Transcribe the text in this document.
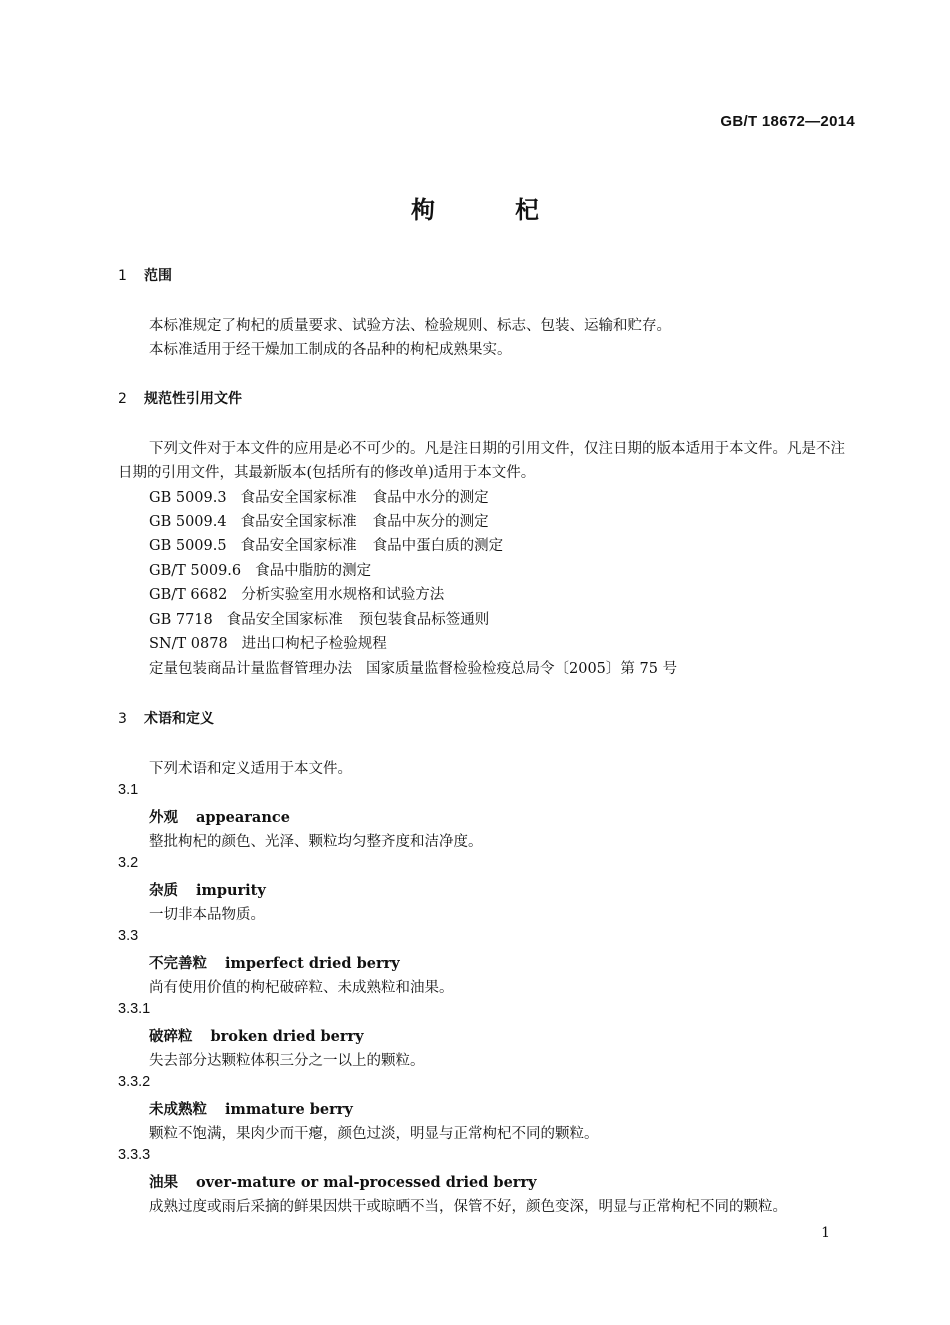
GB/T 18672—2014
枸	杞
1 范围
本标准规定了枸杞的质量要求、试验方法、检验规则、标志、包装、运输和贮存。
本标准适用于经干燥加工制成的各品种的枸杞成熟果实。
2 规范性引用文件
下列文件对于本文件的应用是必不可少的。凡是注日期的引用文件，仅注日期的版本适用于本文件。凡是不注日期的引用文件，其最新版本(包括所有的修改单)适用于本文件。
GB 5009.3 食品安全国家标准 食品中水分的测定
GB 5009.4 食品安全国家标准 食品中灰分的测定
GB 5009.5 食品安全国家标准 食品中蛋白质的测定
GB/T 5009.6 食品中脂肪的测定
GB/T 6682 分析实验室用水规格和试验方法
GB 7718 食品安全国家标准 预包装食品标签通则
SN/T 0878 进出口枸杞子检验规程
定量包装商品计量监督管理办法 国家质量监督检验检疫总局令〔2005〕第 75 号
3 术语和定义
下列术语和定义适用于本文件。
3.1
外观 appearance
整批枸杞的颜色、光泽、颗粒均匀整齐度和洁净度。
3.2
杂质 impurity
一切非本品物质。
3.3
不完善粒 imperfect dried berry
尚有使用价值的枸杞破碎粒、未成熟粒和油果。
3.3.1
破碎粒 broken dried berry
失去部分达颗粒体积三分之一以上的颗粒。
3.3.2
未成熟粒 immature berry
颗粒不饱满，果肉少而干瘪，颜色过淡，明显与正常枸杞不同的颗粒。
3.3.3
油果 over-mature or mal-processed dried berry
成熟过度或雨后采摘的鲜果因烘干或晾晒不当，保管不好，颜色变深，明显与正常枸杞不同的颗粒。
1
